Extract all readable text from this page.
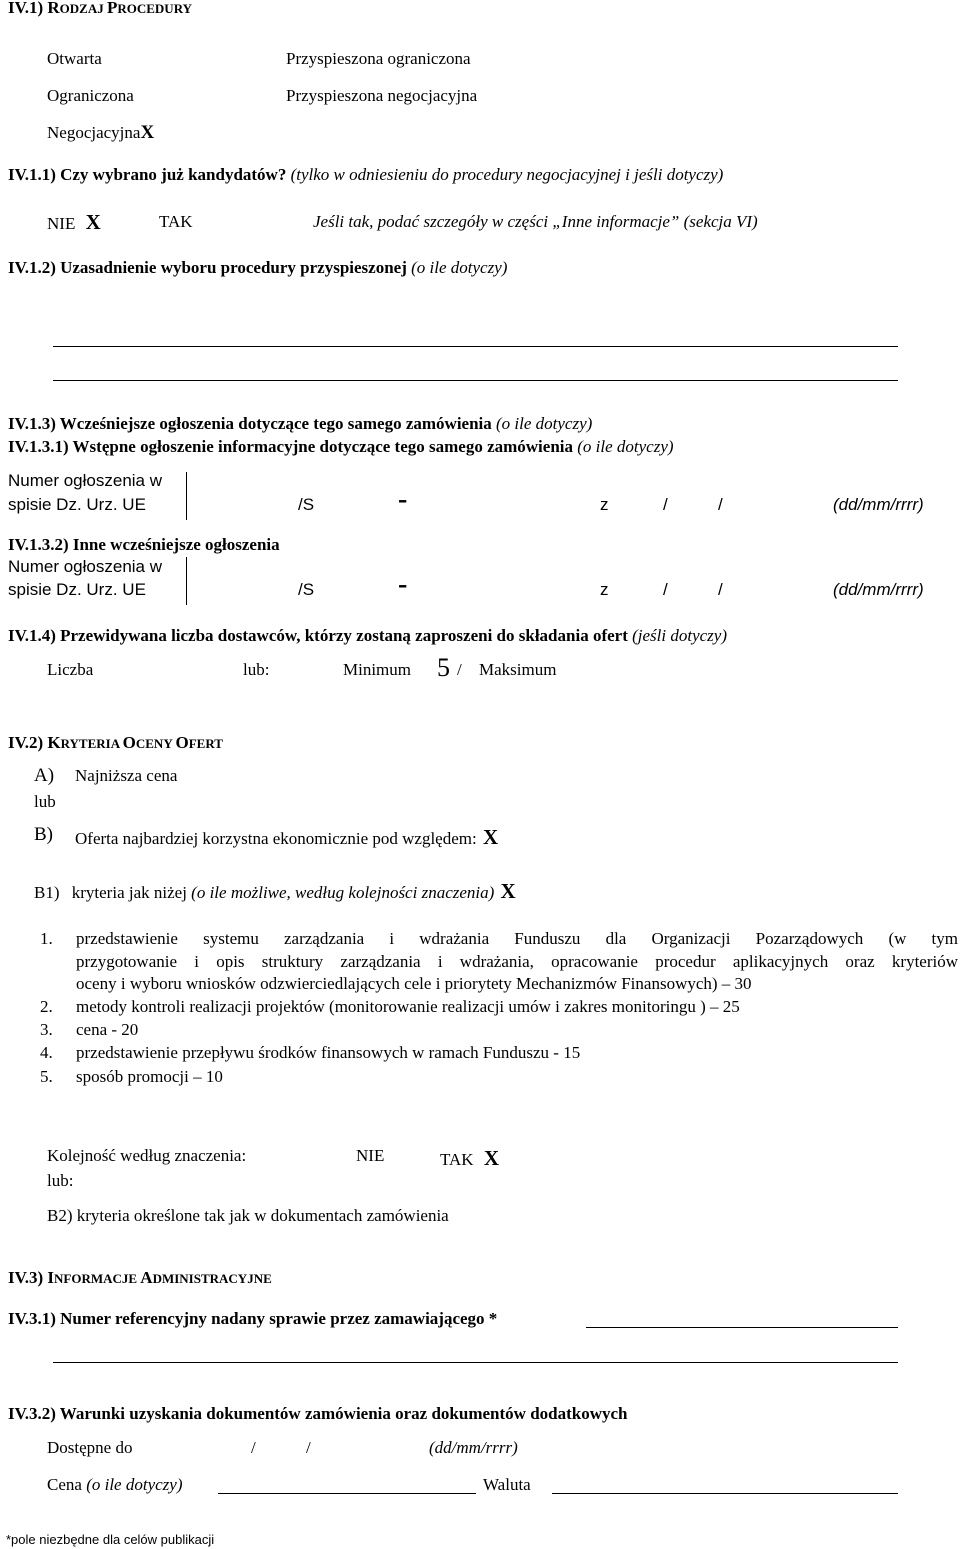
IV.1) RODZAJ PROCEDURY
Otwarta	Przyspieszona ograniczona
Ograniczona	Przyspieszona negocjacyjna
NegocjacyjnaX
IV.1.1) Czy wybrano już kandydatów? (tylko w odniesieniu do procedury negocjacyjnej i jeśli dotyczy)
NIE X	TAK	Jeśli tak, podać szczegóły w części „Inne informacje” (sekcja VI)
IV.1.2) Uzasadnienie wyboru procedury przyspieszonej (o ile dotyczy)
IV.1.3) Wcześniejsze ogłoszenia dotyczące tego samego zamówienia (o ile dotyczy)
IV.1.3.1) Wstępne ogłoszenie informacyjne dotyczące tego samego zamówienia (o ile dotyczy)
Numer ogłoszenia w
spisie Dz. Urz. UE	/S	-	z	/	/	(dd/mm/rrrr)
IV.1.3.2) Inne wcześniejsze ogłoszenia
Numer ogłoszenia w
spisie Dz. Urz. UE	/S	-	z	/	/	(dd/mm/rrrr)
IV.1.4) Przewidywana liczba dostawców, którzy zostaną zaproszeni do składania ofert (jeśli dotyczy)
Liczba	lub:	Minimum 5 / Maksimum
IV.2) KRYTERIA OCENY OFERT
A) Najniższa cena
lub
B) Oferta najbardziej korzystna ekonomicznie pod względem: X
B1) kryteria jak niżej (o ile możliwe, według kolejności znaczenia) X
1. przedstawienie systemu zarządzania i wdrażania Funduszu dla Organizacji Pozarządowych (w tym
przygotowanie i opis struktury zarządzania i wdrażania, opracowanie procedur aplikacyjnych oraz kryteriów
oceny i wyboru wniosków odzwierciedlających cele i priorytety Mechanizmów Finansowych) – 30
2. metody kontroli realizacji projektów (monitorowanie realizacji umów i zakres monitoringu ) – 25
3. cena - 20
4. przedstawienie przepływu środków finansowych w ramach Funduszu - 15
5. sposób promocji – 10
Kolejność według znaczenia:	NIE	TAK X
lub:
B2) kryteria określone tak jak w dokumentach zamówienia
IV.3) INFORMACJE ADMINISTRACYJNE
IV.3.1) Numer referencyjny nadany sprawie przez zamawiającego *
IV.3.2) Warunki uzyskania dokumentów zamówienia oraz dokumentów dodatkowych
Dostępne do	/	/	(dd/mm/rrrr)
Cena (o ile dotyczy)	Waluta
*pole niezbędne dla celów publikacji
